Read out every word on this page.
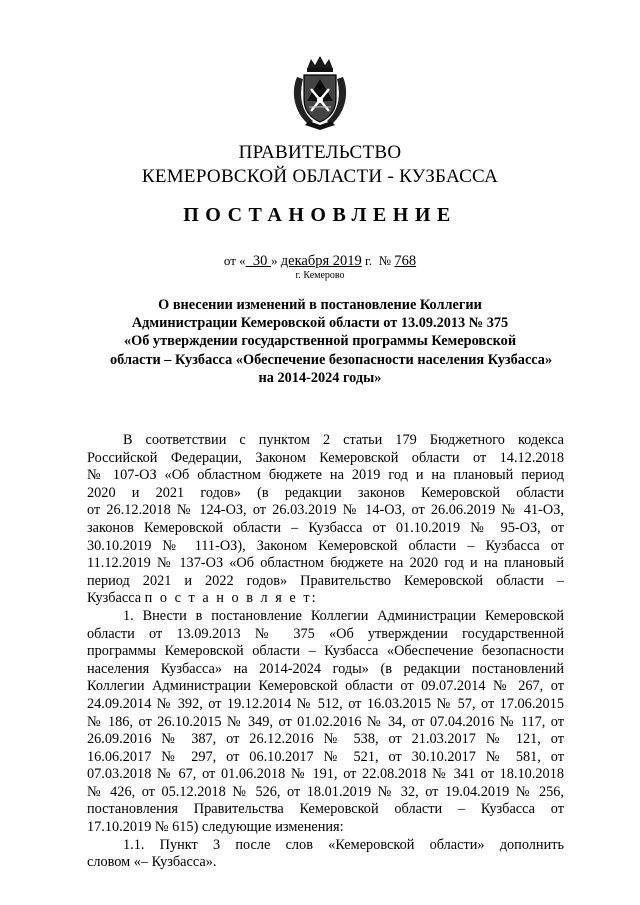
ПРАВИТЕЛЬСТВО
КЕМЕРОВСКОЙ ОБЛАСТИ - КУЗБАССА
ПОСТАНОВЛЕНИЕ
от « 30 » декабря 2019 г. № 768
г. Кемерово
О внесении изменений в постановление Коллегии
Администрации Кемеровской области от 13.09.2013 № 375
«Об утверждении государственной программы Кемеровской
области – Кузбасса «Обеспечение безопасности населения Кузбасса»
на 2014-2024 годы»
В соответствии с пунктом 2 статьи 179 Бюджетного кодекса
Российской Федерации, Законом Кемеровской области от 14.12.2018
№ 107-ОЗ «Об областном бюджете на 2019 год и на плановый период
2020 и 2021 годов» (в редакции законов Кемеровской области
от 26.12.2018 № 124-ОЗ, от 26.03.2019 № 14-ОЗ, от 26.06.2019 № 41-ОЗ,
законов Кемеровской области – Кузбасса от 01.10.2019 № 95-ОЗ, от
30.10.2019 № 111-ОЗ), Законом Кемеровской области – Кузбасса от
11.12.2019 № 137-ОЗ «Об областном бюджете на 2020 год и на плановый
период 2021 и 2022 годов» Правительство Кемеровской области –
Кузбасса п о с т а н о в л я е т:
1. Внести в постановление Коллегии Администрации Кемеровской
области от 13.09.2013 № 375 «Об утверждении государственной
программы Кемеровской области – Кузбасса «Обеспечение безопасности
населения Кузбасса» на 2014-2024 годы» (в редакции постановлений
Коллегии Администрации Кемеровской области от 09.07.2014 № 267, от
24.09.2014 № 392, от 19.12.2014 № 512, от 16.03.2015 № 57, от 17.06.2015
№ 186, от 26.10.2015 № 349, от 01.02.2016 № 34, от 07.04.2016 № 117, от
26.09.2016 № 387, от 26.12.2016 № 538, от 21.03.2017 № 121, от
16.06.2017 № 297, от 06.10.2017 № 521, от 30.10.2017 № 581, от
07.03.2018 № 67, от 01.06.2018 № 191, от 22.08.2018 № 341 от 18.10.2018
№ 426, от 05.12.2018 № 526, от 18.01.2019 № 32, от 19.04.2019 № 256,
постановления Правительства Кемеровской области – Кузбасса от
17.10.2019 № 615) следующие изменения:
1.1. Пункт 3 после слов «Кемеровской области» дополнить
словом «– Кузбасса».
